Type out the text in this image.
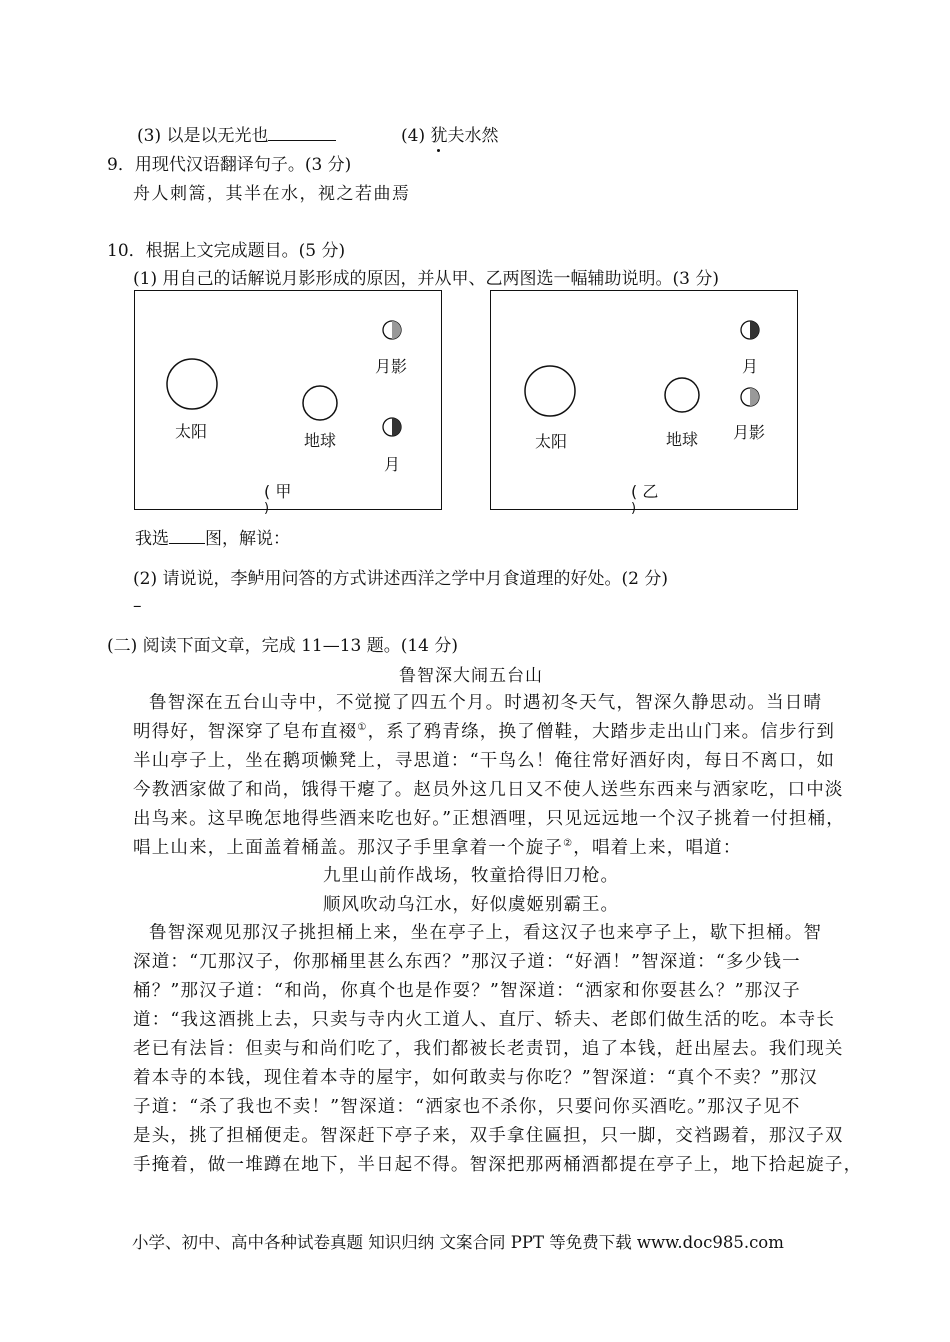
(3) 以是以无光也	(4) 犹夫水然
9．用现代汉语翻译句子。(3 分)
舟人刺篙，其半在水，视之若曲焉
10．根据上文完成题目。(5 分)
(1) 用自己的话解说月影形成的原因，并从甲、乙两图选一幅辅助说明。(3 分)
太阳	地球
月影
月
( 甲
)
太阳	地球
月
月影
( 乙
)
我选 图，解说：
(2) 请说说，李鲈用问答的方式讲述西洋之学中月食道理的好处。(2 分)
–
(二) 阅读下面文章，完成 11—13 题。(14 分)
鲁智深大闹五台山
鲁智深在五台山寺中，不觉搅了四五个月。时遇初冬天气，智深久静思动。当日晴
明得好，智深穿了皂布直裰①，系了鸦青绦，换了僧鞋，大踏步走出山门来。信步行到
半山亭子上，坐在鹅项懒凳上，寻思道：“干鸟么！俺往常好酒好肉，每日不离口，如
今教洒家做了和尚，饿得干瘪了。赵员外这几日又不使人送些东西来与洒家吃，口中淡
出鸟来。这早晚怎地得些酒来吃也好。”正想酒哩，只见远远地一个汉子挑着一付担桶，
唱上山来，上面盖着桶盖。那汉子手里拿着一个旋子②，唱着上来，唱道：
九里山前作战场，牧童拾得旧刀枪。
顺风吹动乌江水，好似虞姬别霸王。
鲁智深观见那汉子挑担桶上来，坐在亭子上，看这汉子也来亭子上，歇下担桶。智
深道：“兀那汉子，你那桶里甚么东西？”那汉子道：“好酒！”智深道：“多少钱一
桶？”那汉子道：“和尚，你真个也是作耍？”智深道：“洒家和你耍甚么？”那汉子
道：“我这酒挑上去，只卖与寺内火工道人、直厅、轿夫、老郎们做生活的吃。本寺长
老已有法旨：但卖与和尚们吃了，我们都被长老责罚，追了本钱，赶出屋去。我们现关
着本寺的本钱，现住着本寺的屋宇，如何敢卖与你吃？”智深道：“真个不卖？”那汉
子道：“杀了我也不卖！”智深道：“洒家也不杀你，只要问你买酒吃。”那汉子见不
是头，挑了担桶便走。智深赶下亭子来，双手拿住匾担，只一脚，交裆踢着，那汉子双
手掩着，做一堆蹲在地下，半日起不得。智深把那两桶酒都提在亭子上，地下拾起旋子，
小学、初中、高中各种试卷真题 知识归纳 文案合同 PPT 等免费下载 www.doc985.com
